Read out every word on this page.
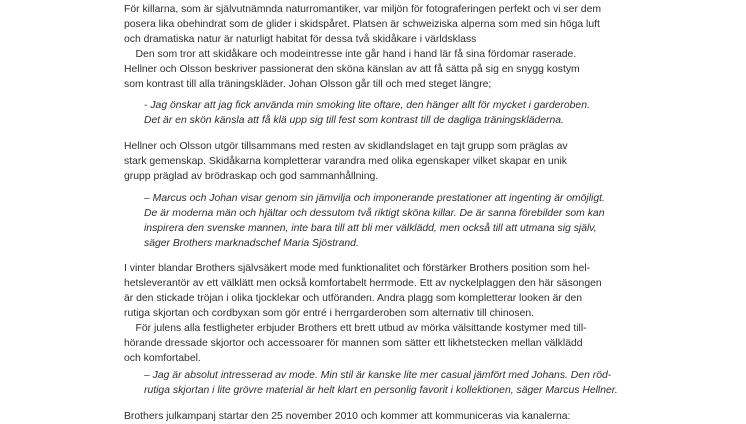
För killarna, som är självutnämnda naturromantiker, var miljön för fotograferingen perfekt och vi ser dem
posera lika obehindrat som de glider i skidspåret. Platsen är schweiziska alperna som med sin höga luft
och dramatiska natur är naturligt habitat för dessa två skidåkare i världsklass
Den som tror att skidåkare och modeintresse inte går hand i hand lär få sina fördomar raserade.
Hellner och Olsson beskriver passionerat den sköna känslan av att få sätta på sig en snygg kostym
som kontrast till alla träningskläder. Johan Olsson går till och med steget längre;
- Jag önskar att jag fick använda min smoking lite oftare, den hänger allt för mycket i garderoben.
Det är en skön känsla att få klä upp sig till fest som kontrast till de dagliga träningskläderna.
Hellner och Olsson utgör tillsammans med resten av skidlandslaget en tajt grupp som präglas av
stark gemenskap. Skidåkarna kompletterar varandra med olika egenskaper vilket skapar en unik
grupp präglad av brödraskap och god sammanhållning.
– Marcus och Johan visar genom sin jämvilja och imponerande prestationer att ingenting är omöjligt.
De är moderna män och hjältar och dessutom två riktigt sköna killar. De är sanna förebilder som kan
inspirera den svenske mannen, inte bara till att bli mer välklädd, men också till att utmana sig själv,
säger Brothers marknadschef Maria Sjöstrand.
I vinter blandar Brothers självsäkert mode med funktionalitet och förstärker Brothers position som hel-
hetsleverantör av ett välklätt men också komfortabelt herrmode. Ett av nyckelplaggen den här säsongen
är den stickade tröjan i olika tjocklekar och utföranden. Andra plagg som kompletterar looken är den
rutiga skjortan och cordbyxan som gör entré i herrgarderoben som alternativ till chinosen.
För julens alla festligheter erbjuder Brothers ett brett utbud av mörka välsittande kostymer med till-
hörande dressade skjortor och accessoarer för mannen som sätter ett likhetstecken mellan välklädd
och komfortabel.
– Jag är absolut intresserad av mode. Min stil är kanske lite mer casual jämfört med Johans. Den röd-
rutiga skjortan i lite grövre material är helt klart en personlig favorit i kollektionen, säger Marcus Hellner.
Brothers julkampanj startar den 25 november 2010 och kommer att kommuniceras via kanalerna:
